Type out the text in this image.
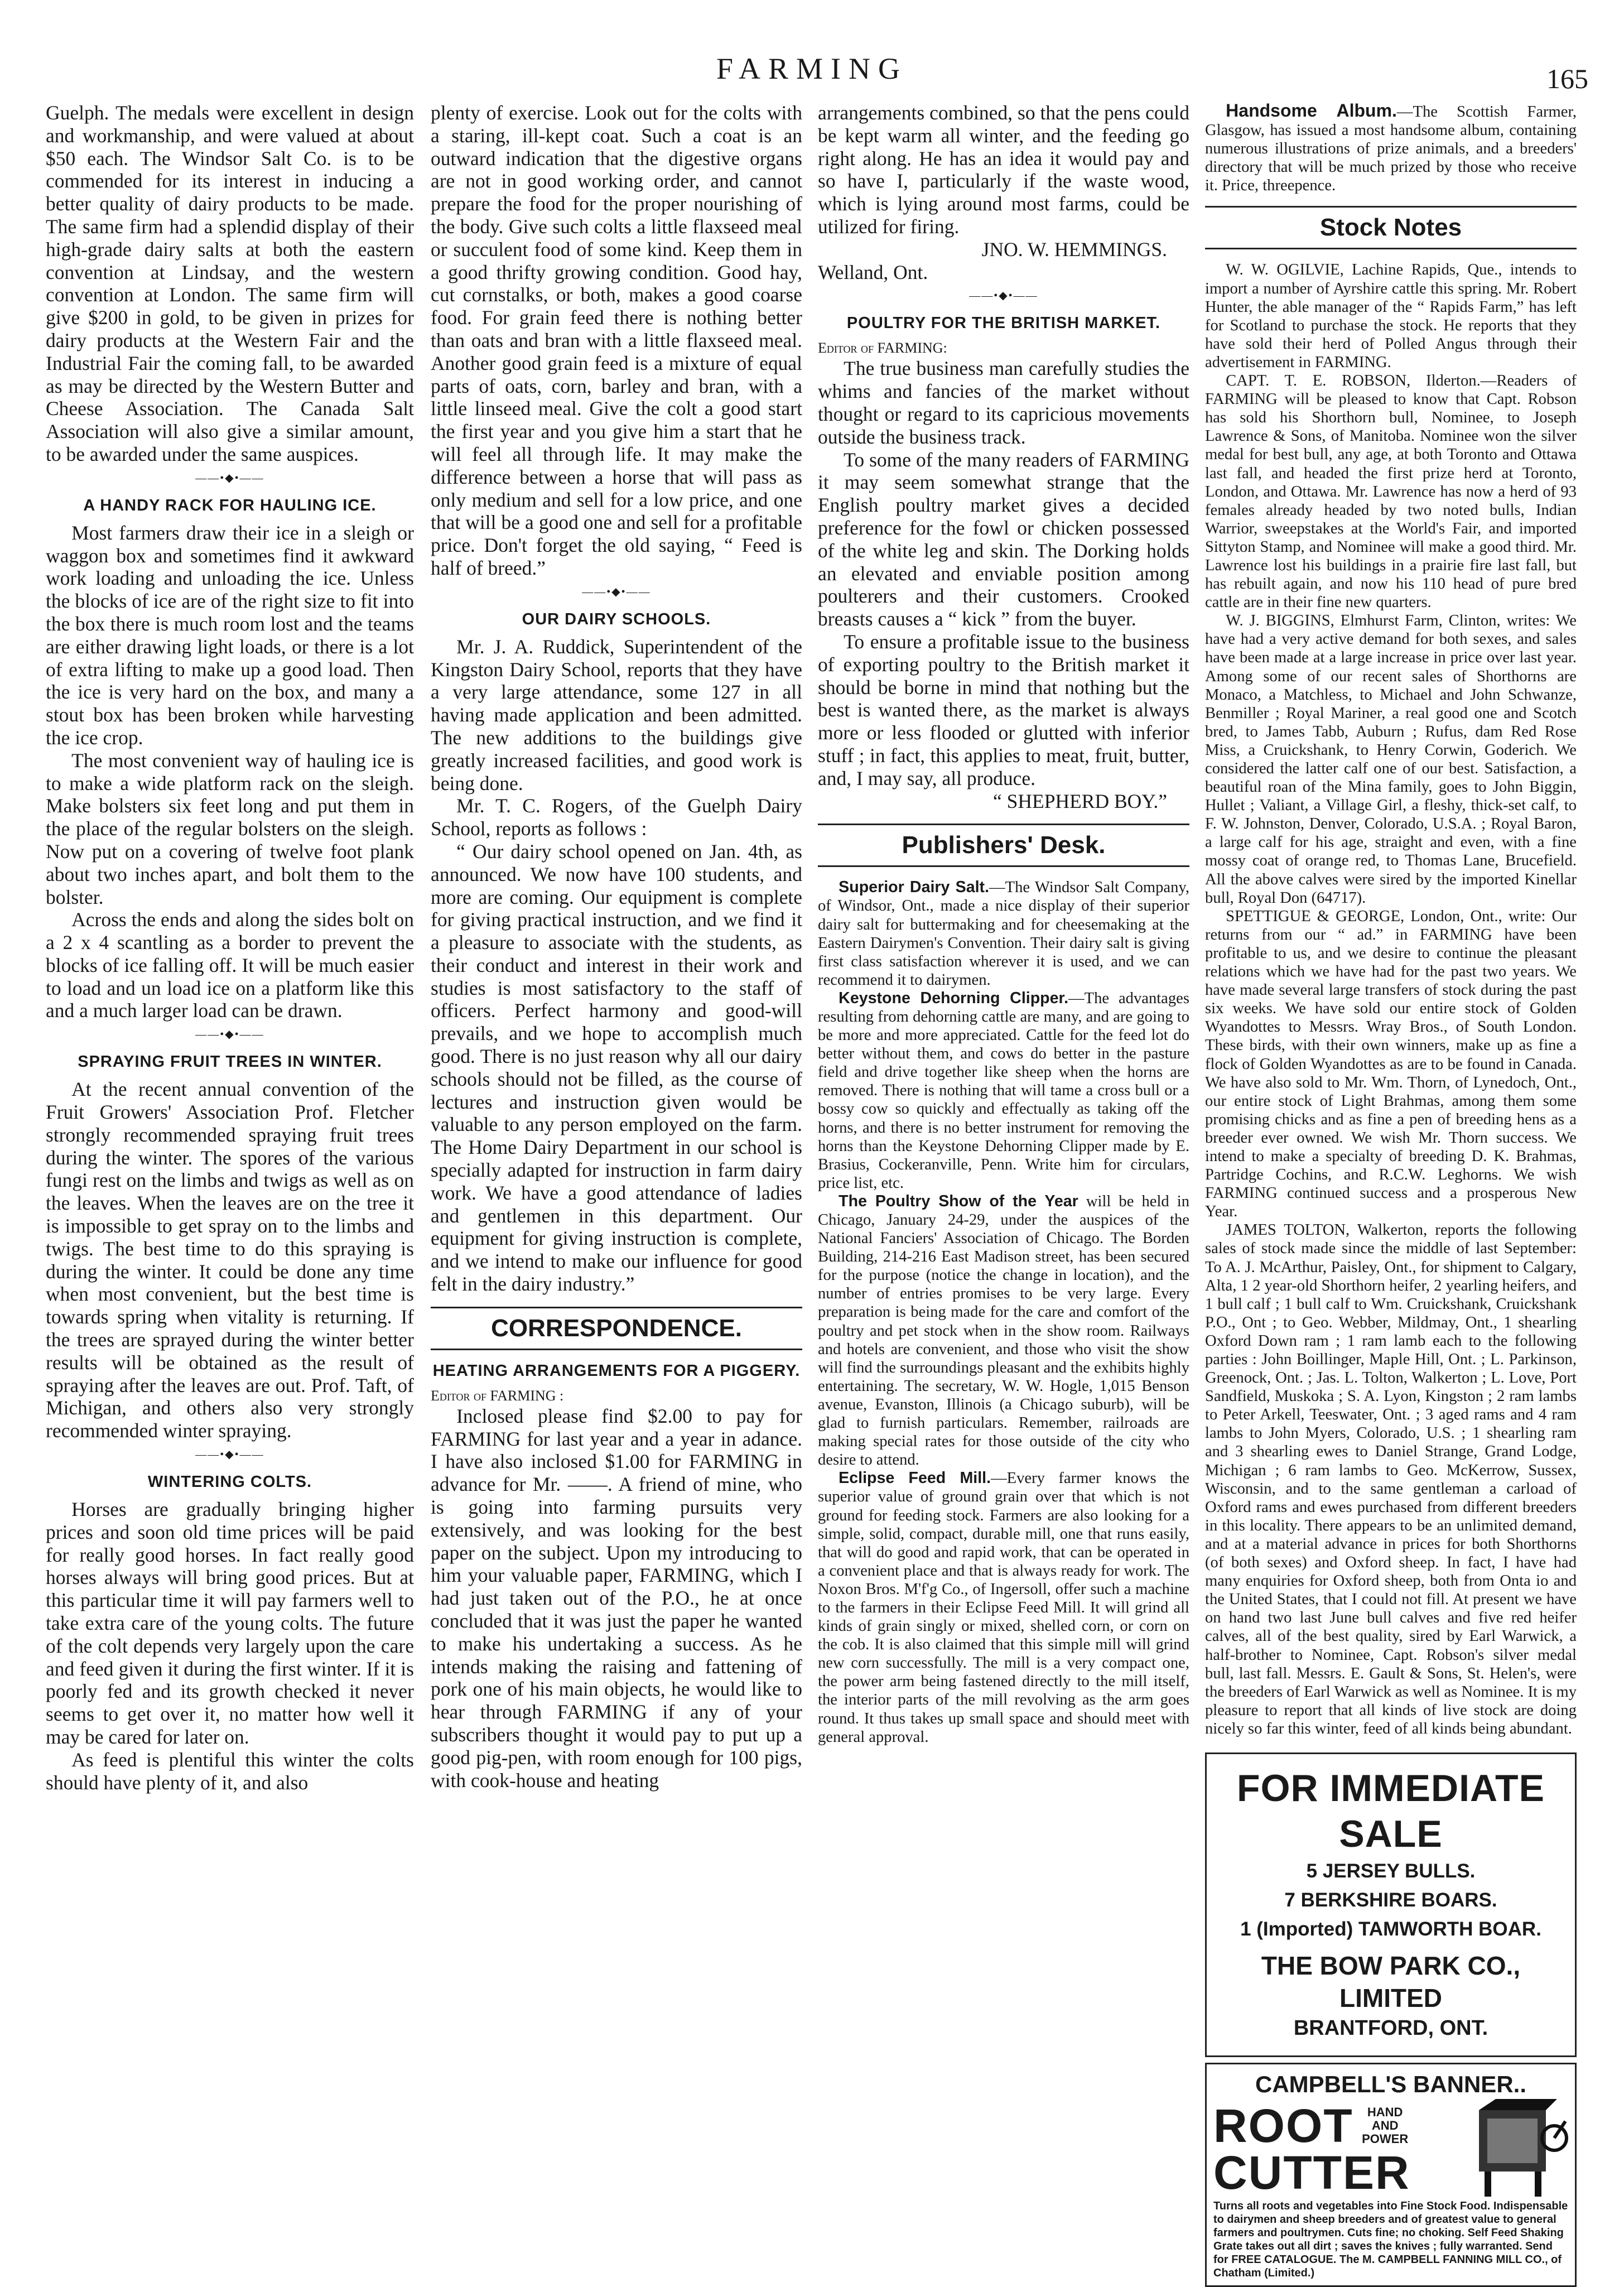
FARMING	165

Guelph. The medals were excellent in design and workmanship, and were valued at about $50 each. The Windsor Salt Co. is to be commended for its interest in inducing a better quality of dairy products to be made. The same firm had a splendid display of their high-grade dairy salts at both the eastern convention at Lindsay, and the western convention at London. The same firm will give $200 in gold, to be given in prizes for dairy products at the Western Fair and the Industrial Fair the coming fall, to be awarded as may be directed by the Western Butter and Cheese Association. The Canada Salt Association will also give a similar amount, to be awarded under the same auspices.

——•◆•——
A HANDY RACK FOR HAULING ICE.

Most farmers draw their ice in a sleigh or waggon box and sometimes find it awkward work loading and unloading the ice. Unless the blocks of ice are of the right size to fit into the box there is much room lost and the teams are either drawing light loads, or there is a lot of extra lifting to make up a good load. Then the ice is very hard on the box, and many a stout box has been broken while harvesting the ice crop.

The most convenient way of hauling ice is to make a wide platform rack on the sleigh. Make bolsters six feet long and put them in the place of the regular bolsters on the sleigh. Now put on a covering of twelve foot plank about two inches apart, and bolt them to the bolster.

Across the ends and along the sides bolt on a 2 x 4 scantling as a border to prevent the blocks of ice falling off. It will be much easier to load and un load ice on a platform like this and a much larger load can be drawn.

——•◆•——
SPRAYING FRUIT TREES IN WINTER.

At the recent annual convention of the Fruit Growers' Association Prof. Fletcher strongly recommended spraying fruit trees during the winter. The spores of the various fungi rest on the limbs and twigs as well as on the leaves. When the leaves are on the tree it is impossible to get spray on to the limbs and twigs. The best time to do this spraying is during the winter. It could be done any time when most convenient, but the best time is towards spring when vitality is returning. If the trees are sprayed during the winter better results will be obtained as the result of spraying after the leaves are out. Prof. Taft, of Michigan, and others also very strongly recommended winter spraying.

——•◆•——
WINTERING COLTS.

Horses are gradually bringing higher prices and soon old time prices will be paid for really good horses. In fact really good horses always will bring good prices. But at this particular time it will pay farmers well to take extra care of the young colts. The future of the colt depends very largely upon the care and feed given it during the first winter. If it is poorly fed and its growth checked it never seems to get over it, no matter how well it may be cared for later on.

As feed is plentiful this winter the colts should have plenty of it, and also

plenty of exercise. Look out for the colts with a staring, ill-kept coat. Such a coat is an outward indication that the digestive organs are not in good working order, and cannot prepare the food for the proper nourishing of the body. Give such colts a little flaxseed meal or succulent food of some kind. Keep them in a good thrifty growing condition. Good hay, cut cornstalks, or both, makes a good coarse food. For grain feed there is nothing better than oats and bran with a little flaxseed meal. Another good grain feed is a mixture of equal parts of oats, corn, barley and bran, with a little linseed meal. Give the colt a good start the first year and you give him a start that he will feel all through life. It may make the difference between a horse that will pass as only medium and sell for a low price, and one that will be a good one and sell for a profitable price. Don't forget the old saying, “ Feed is half of breed.”

——•◆•——
OUR DAIRY SCHOOLS.

Mr. J. A. Ruddick, Superintendent of the Kingston Dairy School, reports that they have a very large attendance, some 127 in all having made application and been admitted. The new additions to the buildings give greatly increased facilities, and good work is being done.

Mr. T. C. Rogers, of the Guelph Dairy School, reports as follows :

“ Our dairy school opened on Jan. 4th, as announced. We now have 100 students, and more are coming. Our equipment is complete for giving practical instruction, and we find it a pleasure to associate with the students, as their conduct and interest in their work and studies is most satisfactory to the staff of officers. Perfect harmony and good-will prevails, and we hope to accomplish much good. There is no just reason why all our dairy schools should not be filled, as the course of lectures and instruction given would be valuable to any person employed on the farm. The Home Dairy Department in our school is specially adapted for instruction in farm dairy work. We have a good attendance of ladies and gentlemen in this department. Our equipment for giving instruction is complete, and we intend to make our influence for good felt in the dairy industry.”

CORRESPONDENCE.
HEATING ARRANGEMENTS FOR A PIGGERY.

Editor of FARMING :

Inclosed please find $2.00 to pay for FARMING for last year and a year in adance. I have also inclosed $1.00 for FARMING in advance for Mr. ——. A friend of mine, who is going into farming pursuits very extensively, and was looking for the best paper on the subject. Upon my introducing to him your valuable paper, FARMING, which I had just taken out of the P.O., he at once concluded that it was just the paper he wanted to make his undertaking a success. As he intends making the raising and fattening of pork one of his main objects, he would like to hear through FARMING if any of your subscribers thought it would pay to put up a good pig-pen, with room enough for 100 pigs, with cook-house and heating

arrangements combined, so that the pens could be kept warm all winter, and the feeding go right along. He has an idea it would pay and so have I, particularly if the waste wood, which is lying around most farms, could be utilized for firing.

JNO. W. HEMMINGS.

Welland, Ont.

——•◆•——
POULTRY FOR THE BRITISH MARKET.

Editor of FARMING:

The true business man carefully studies the whims and fancies of the market without thought or regard to its capricious movements outside the business track.

To some of the many readers of FARMING it may seem somewhat strange that the English poultry market gives a decided preference for the fowl or chicken possessed of the white leg and skin. The Dorking holds an elevated and enviable position among poulterers and their customers. Crooked breasts causes a “ kick ” from the buyer.

To ensure a profitable issue to the business of exporting poultry to the British market it should be borne in mind that nothing but the best is wanted there, as the market is always more or less flooded or glutted with inferior stuff ; in fact, this applies to meat, fruit, butter, and, I may say, all produce.

“ SHEPHERD BOY.”
Publishers' Desk.

Superior Dairy Salt.—The Windsor Salt Company, of Windsor, Ont., made a nice display of their superior dairy salt for buttermaking and for cheesemaking at the Eastern Dairymen's Convention. Their dairy salt is giving first class satisfaction wherever it is used, and we can recommend it to dairymen.

Keystone Dehorning Clipper.—The advantages resulting from dehorning cattle are many, and are going to be more and more appreciated. Cattle for the feed lot do better without them, and cows do better in the pasture field and drive together like sheep when the horns are removed. There is nothing that will tame a cross bull or a bossy cow so quickly and effectually as taking off the horns, and there is no better instrument for removing the horns than the Keystone Dehorning Clipper made by E. Brasius, Cockeranville, Penn. Write him for circulars, price list, etc.

The Poultry Show of the Year will be held in Chicago, January 24-29, under the auspices of the National Fanciers' Association of Chicago. The Borden Building, 214-216 East Madison street, has been secured for the purpose (notice the change in location), and the number of entries promises to be very large. Every preparation is being made for the care and comfort of the poultry and pet stock when in the show room. Railways and hotels are convenient, and those who visit the show will find the surroundings pleasant and the exhibits highly entertaining. The secretary, W. W. Hogle, 1,015 Benson avenue, Evanston, Illinois (a Chicago suburb), will be glad to furnish particulars. Remember, railroads are making special rates for those outside of the city who desire to attend.

Eclipse Feed Mill.—Every farmer knows the superior value of ground grain over that which is not ground for feeding stock. Farmers are also looking for a simple, solid, compact, durable mill, one that runs easily, that will do good and rapid work, that can be operated in a convenient place and that is always ready for work. The Noxon Bros. M'f'g Co., of Ingersoll, offer such a machine to the farmers in their Eclipse Feed Mill. It will grind all kinds of grain singly or mixed, shelled corn, or corn on the cob. It is also claimed that this simple mill will grind new corn successfully. The mill is a very compact one, the power arm being fastened directly to the mill itself, the interior parts of the mill revolving as the arm goes round. It thus takes up small space and should meet with general approval.

Handsome Album.—The Scottish Farmer, Glasgow, has issued a most handsome album, containing numerous illustrations of prize animals, and a breeders' directory that will be much prized by those who receive it. Price, threepence.

Stock Notes

W. W. OGILVIE, Lachine Rapids, Que., intends to import a number of Ayrshire cattle this spring. Mr. Robert Hunter, the able manager of the “ Rapids Farm,” has left for Scotland to purchase the stock. He reports that they have sold their herd of Polled Angus through their advertisement in FARMING.

CAPT. T. E. ROBSON, Ilderton.—Readers of FARMING will be pleased to know that Capt. Robson has sold his Shorthorn bull, Nominee, to Joseph Lawrence & Sons, of Manitoba. Nominee won the silver medal for best bull, any age, at both Toronto and Ottawa last fall, and headed the first prize herd at Toronto, London, and Ottawa. Mr. Lawrence has now a herd of 93 females already headed by two noted bulls, Indian Warrior, sweepstakes at the World's Fair, and imported Sittyton Stamp, and Nominee will make a good third. Mr. Lawrence lost his buildings in a prairie fire last fall, but has rebuilt again, and now his 110 head of pure bred cattle are in their fine new quarters.

W. J. BIGGINS, Elmhurst Farm, Clinton, writes: We have had a very active demand for both sexes, and sales have been made at a large increase in price over last year. Among some of our recent sales of Shorthorns are Monaco, a Matchless, to Michael and John Schwanze, Benmiller ; Royal Mariner, a real good one and Scotch bred, to James Tabb, Auburn ; Rufus, dam Red Rose Miss, a Cruickshank, to Henry Corwin, Goderich. We considered the latter calf one of our best. Satisfaction, a beautiful roan of the Mina family, goes to John Biggin, Hullet ; Valiant, a Village Girl, a fleshy, thick-set calf, to F. W. Johnston, Denver, Colorado, U.S.A. ; Royal Baron, a large calf for his age, straight and even, with a fine mossy coat of orange red, to Thomas Lane, Brucefield. All the above calves were sired by the imported Kinellar bull, Royal Don (64717).

SPETTIGUE & GEORGE, London, Ont., write: Our returns from our “ ad.” in FARMING have been profitable to us, and we desire to continue the pleasant relations which we have had for the past two years. We have made several large transfers of stock during the past six weeks. We have sold our entire stock of Golden Wyandottes to Messrs. Wray Bros., of South London. These birds, with their own winners, make up as fine a flock of Golden Wyandottes as are to be found in Canada. We have also sold to Mr. Wm. Thorn, of Lynedoch, Ont., our entire stock of Light Brahmas, among them some promising chicks and as fine a pen of breeding hens as a breeder ever owned. We wish Mr. Thorn success. We intend to make a specialty of breeding D. K. Brahmas, Partridge Cochins, and R.C.W. Leghorns. We wish FARMING continued success and a prosperous New Year.

JAMES TOLTON, Walkerton, reports the following sales of stock made since the middle of last September: To A. J. McArthur, Paisley, Ont., for shipment to Calgary, Alta, 1 2 year-old Shorthorn heifer, 2 yearling heifers, and 1 bull calf ; 1 bull calf to Wm. Cruickshank, Cruickshank P.O., Ont ; to Geo. Webber, Mildmay, Ont., 1 shearling Oxford Down ram ; 1 ram lamb each to the following parties : John Boillinger, Maple Hill, Ont. ; L. Parkinson, Greenock, Ont. ; Jas. L. Tolton, Walkerton ; L. Love, Port Sandfield, Muskoka ; S. A. Lyon, Kingston ; 2 ram lambs to Peter Arkell, Teeswater, Ont. ; 3 aged rams and 4 ram lambs to John Myers, Colorado, U.S. ; 1 shearling ram and 3 shearling ewes to Daniel Strange, Grand Lodge, Michigan ; 6 ram lambs to Geo. McKerrow, Sussex, Wisconsin, and to the same gentleman a carload of Oxford rams and ewes purchased from different breeders in this locality. There appears to be an unlimited demand, and at a material advance in prices for both Shorthorns (of both sexes) and Oxford sheep. In fact, I have had many enquiries for Oxford sheep, both from Onta io and the United States, that I could not fill. At present we have on hand two last June bull calves and five red heifer calves, all of the best quality, sired by Earl Warwick, a half-brother to Nominee, Capt. Robson's silver medal bull, last fall. Messrs. E. Gault & Sons, St. Helen's, were the breeders of Earl Warwick as well as Nominee. It is my pleasure to report that all kinds of live stock are doing nicely so far this winter, feed of all kinds being abundant.

FOR IMMEDIATE SALE
5 JERSEY BULLS.
7 BERKSHIRE BOARS.
1 (Imported) TAMWORTH BOAR.
THE BOW PARK CO., LIMITED
BRANTFORD, ONT.
CAMPBELL'S BANNER..
ROOT	HAND AND POWER
CUTTER
Turns all roots and vegetables into Fine Stock Food. Indispensable to dairymen and sheep breeders and of greatest value to general farmers and poultrymen. Cuts fine; no choking. Self Feed Shaking Grate takes out all dirt ; saves the knives ; fully warranted. Send for FREE CATALOGUE. The M. CAMPBELL FANNING MILL CO., of Chatham (Limited.)
